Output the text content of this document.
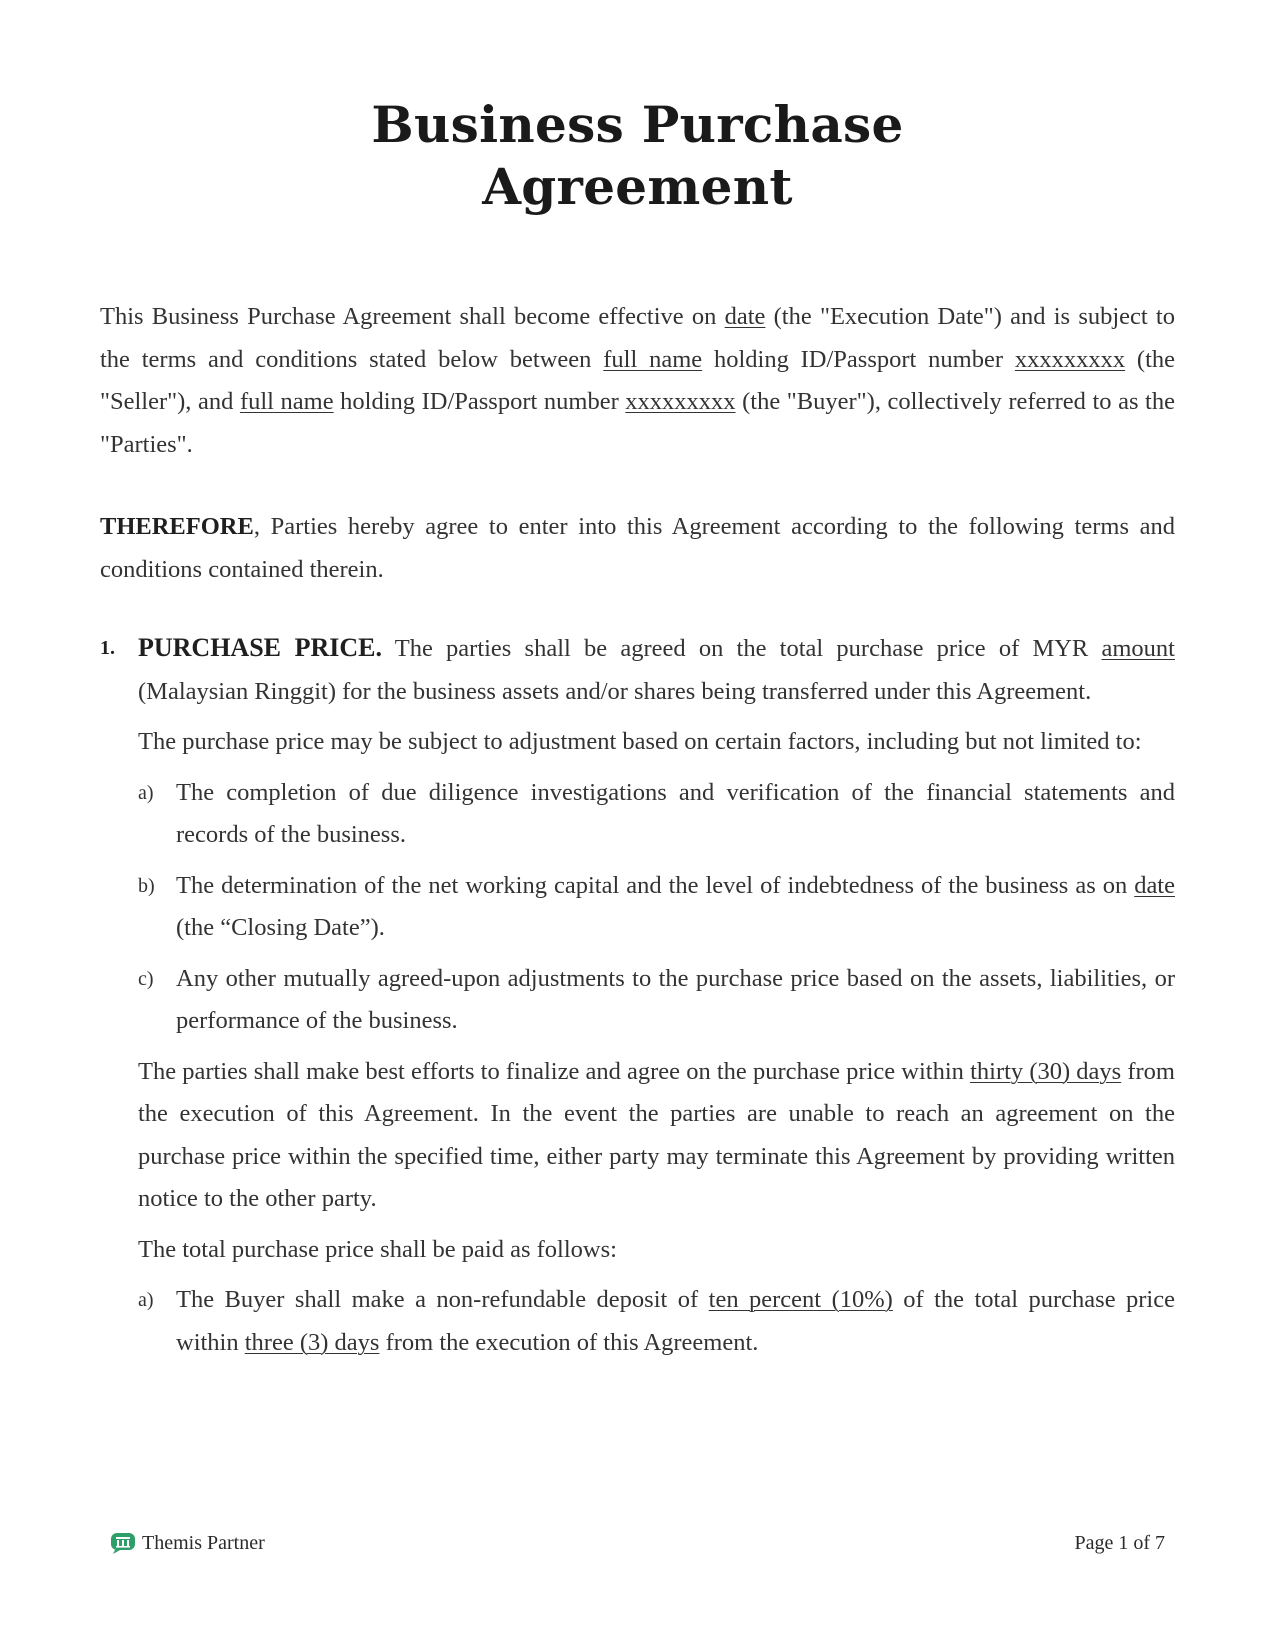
Business Purchase
Agreement

This Business Purchase Agreement shall become effective on date (the "Execution Date") and is subject to the terms and conditions stated below between full name holding ID/Passport number xxxxxxxxx (the "Seller"), and full name holding ID/Passport number xxxxxxxxx (the "Buyer"), collectively referred to as the "Parties".

THEREFORE, Parties hereby agree to enter into this Agreement according to the following terms and conditions contained therein.

1. PURCHASE PRICE. The parties shall be agreed on the total purchase price of MYR amount (Malaysian Ringgit) for the business assets and/or shares being transferred under this Agreement.

The purchase price may be subject to adjustment based on certain factors, including but not limited to:

a) The completion of due diligence investigations and verification of the financial statements and records of the business.
b) The determination of the net working capital and the level of indebtedness of the business as on date (the “Closing Date”).
c) Any other mutually agreed-upon adjustments to the purchase price based on the assets, liabilities, or performance of the business.

The parties shall make best efforts to finalize and agree on the purchase price within thirty (30) days from the execution of this Agreement. In the event the parties are unable to reach an agreement on the purchase price within the specified time, either party may terminate this Agreement by providing written notice to the other party.

The total purchase price shall be paid as follows:

a) The Buyer shall make a non-refundable deposit of ten percent (10%) of the total purchase price within three (3) days from the execution of this Agreement.
Themis Partner	Page 1 of 7
